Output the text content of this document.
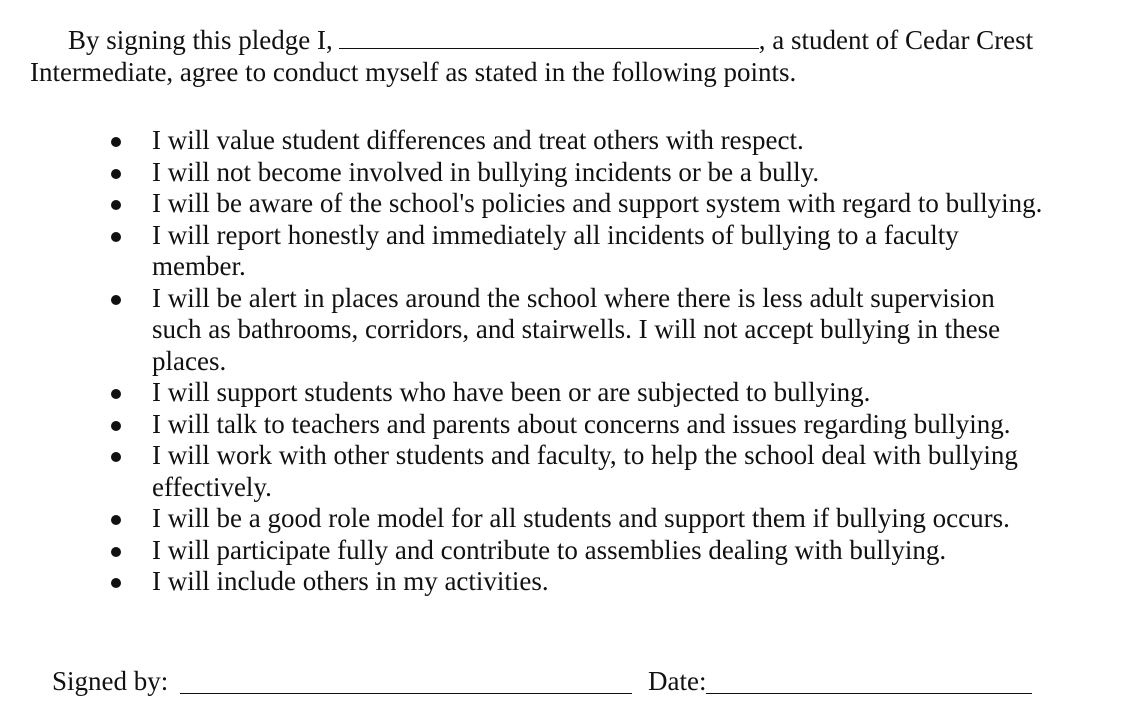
By signing this pledge I,	, a student of Cedar Crest Intermediate, agree to conduct myself as stated in the following points.

I will value student differences and treat others with respect.
I will not become involved in bullying incidents or be a bully.
I will be aware of the school's policies and support system with regard to bullying.
I will report honestly and immediately all incidents of bullying to a faculty member.
I will be alert in places around the school where there is less adult supervision such as bathrooms, corridors, and stairwells. I will not accept bullying in these places.
I will support students who have been or are subjected to bullying.
I will talk to teachers and parents about concerns and issues regarding bullying.
I will work with other students and faculty, to help the school deal with bullying effectively.
I will be a good role model for all students and support them if bullying occurs.
I will participate fully and contribute to assemblies dealing with bullying.
I will include others in my activities.
Signed by:	Date:
